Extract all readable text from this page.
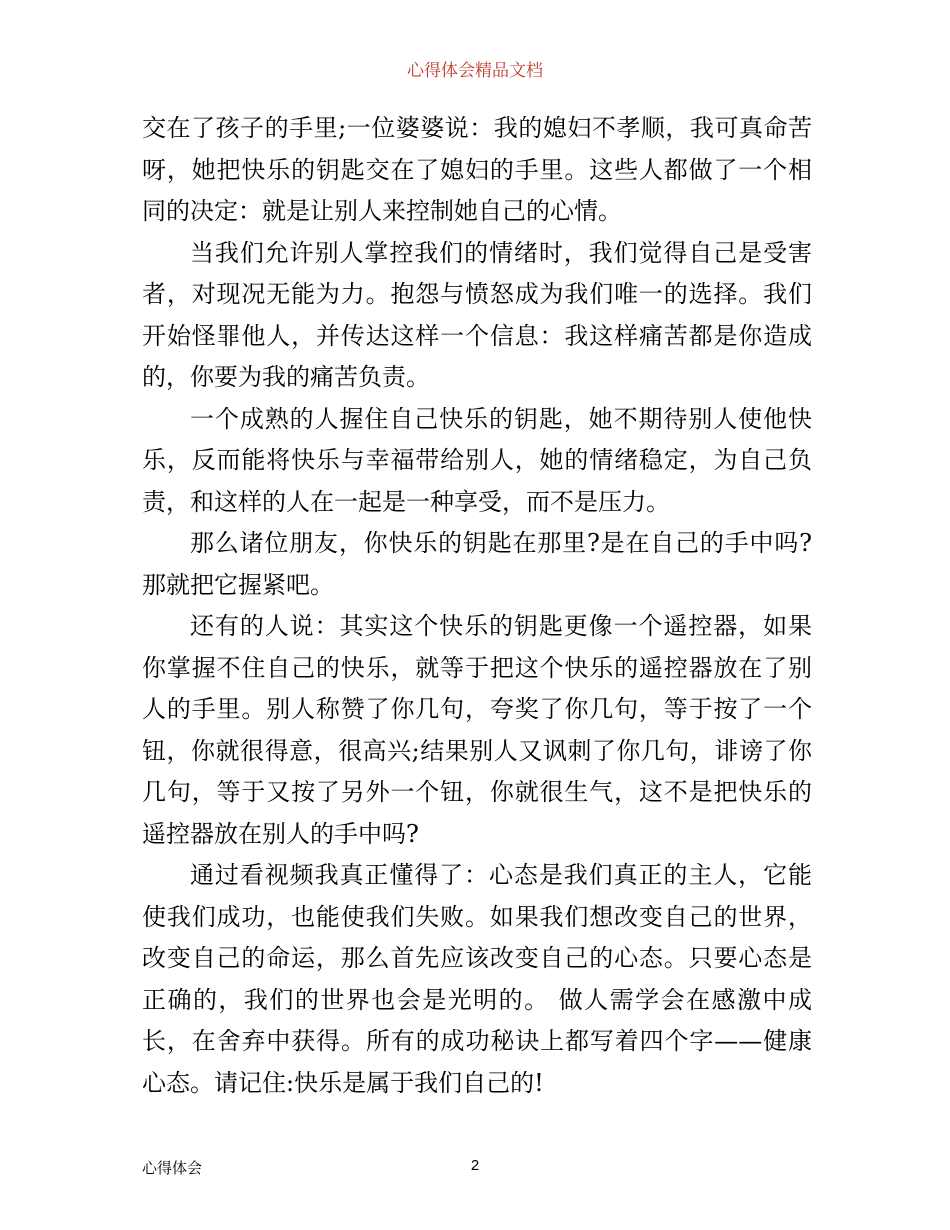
心得体会精品文档

交在了孩子的手里;一位婆婆说：我的媳妇不孝顺，我可真命苦呀，她把快乐的钥匙交在了媳妇的手里。这些人都做了一个相同的决定：就是让别人来控制她自己的心情。

当我们允许别人掌控我们的情绪时，我们觉得自己是受害者，对现况无能为力。抱怨与愤怒成为我们唯一的选择。我们开始怪罪他人，并传达这样一个信息：我这样痛苦都是你造成的，你要为我的痛苦负责。

一个成熟的人握住自己快乐的钥匙，她不期待别人使他快乐，反而能将快乐与幸福带给别人，她的情绪稳定，为自己负责，和这样的人在一起是一种享受，而不是压力。

那么诸位朋友，你快乐的钥匙在那里?是在自己的手中吗?那就把它握紧吧。

还有的人说：其实这个快乐的钥匙更像一个遥控器，如果你掌握不住自己的快乐，就等于把这个快乐的遥控器放在了别人的手里。别人称赞了你几句，夸奖了你几句，等于按了一个钮，你就很得意，很高兴;结果别人又讽刺了你几句，诽谤了你几句，等于又按了另外一个钮，你就很生气，这不是把快乐的遥控器放在别人的手中吗?

通过看视频我真正懂得了：心态是我们真正的主人，它能使我们成功，也能使我们失败。如果我们想改变自己的世界，改变自己的命运，那么首先应该改变自己的心态。只要心态是正确的，我们的世界也会是光明的。 做人需学会在感激中成长，在舍弃中获得。所有的成功秘诀上都写着四个字——健康心态。请记住:快乐是属于我们自己的!

心得体会	2
